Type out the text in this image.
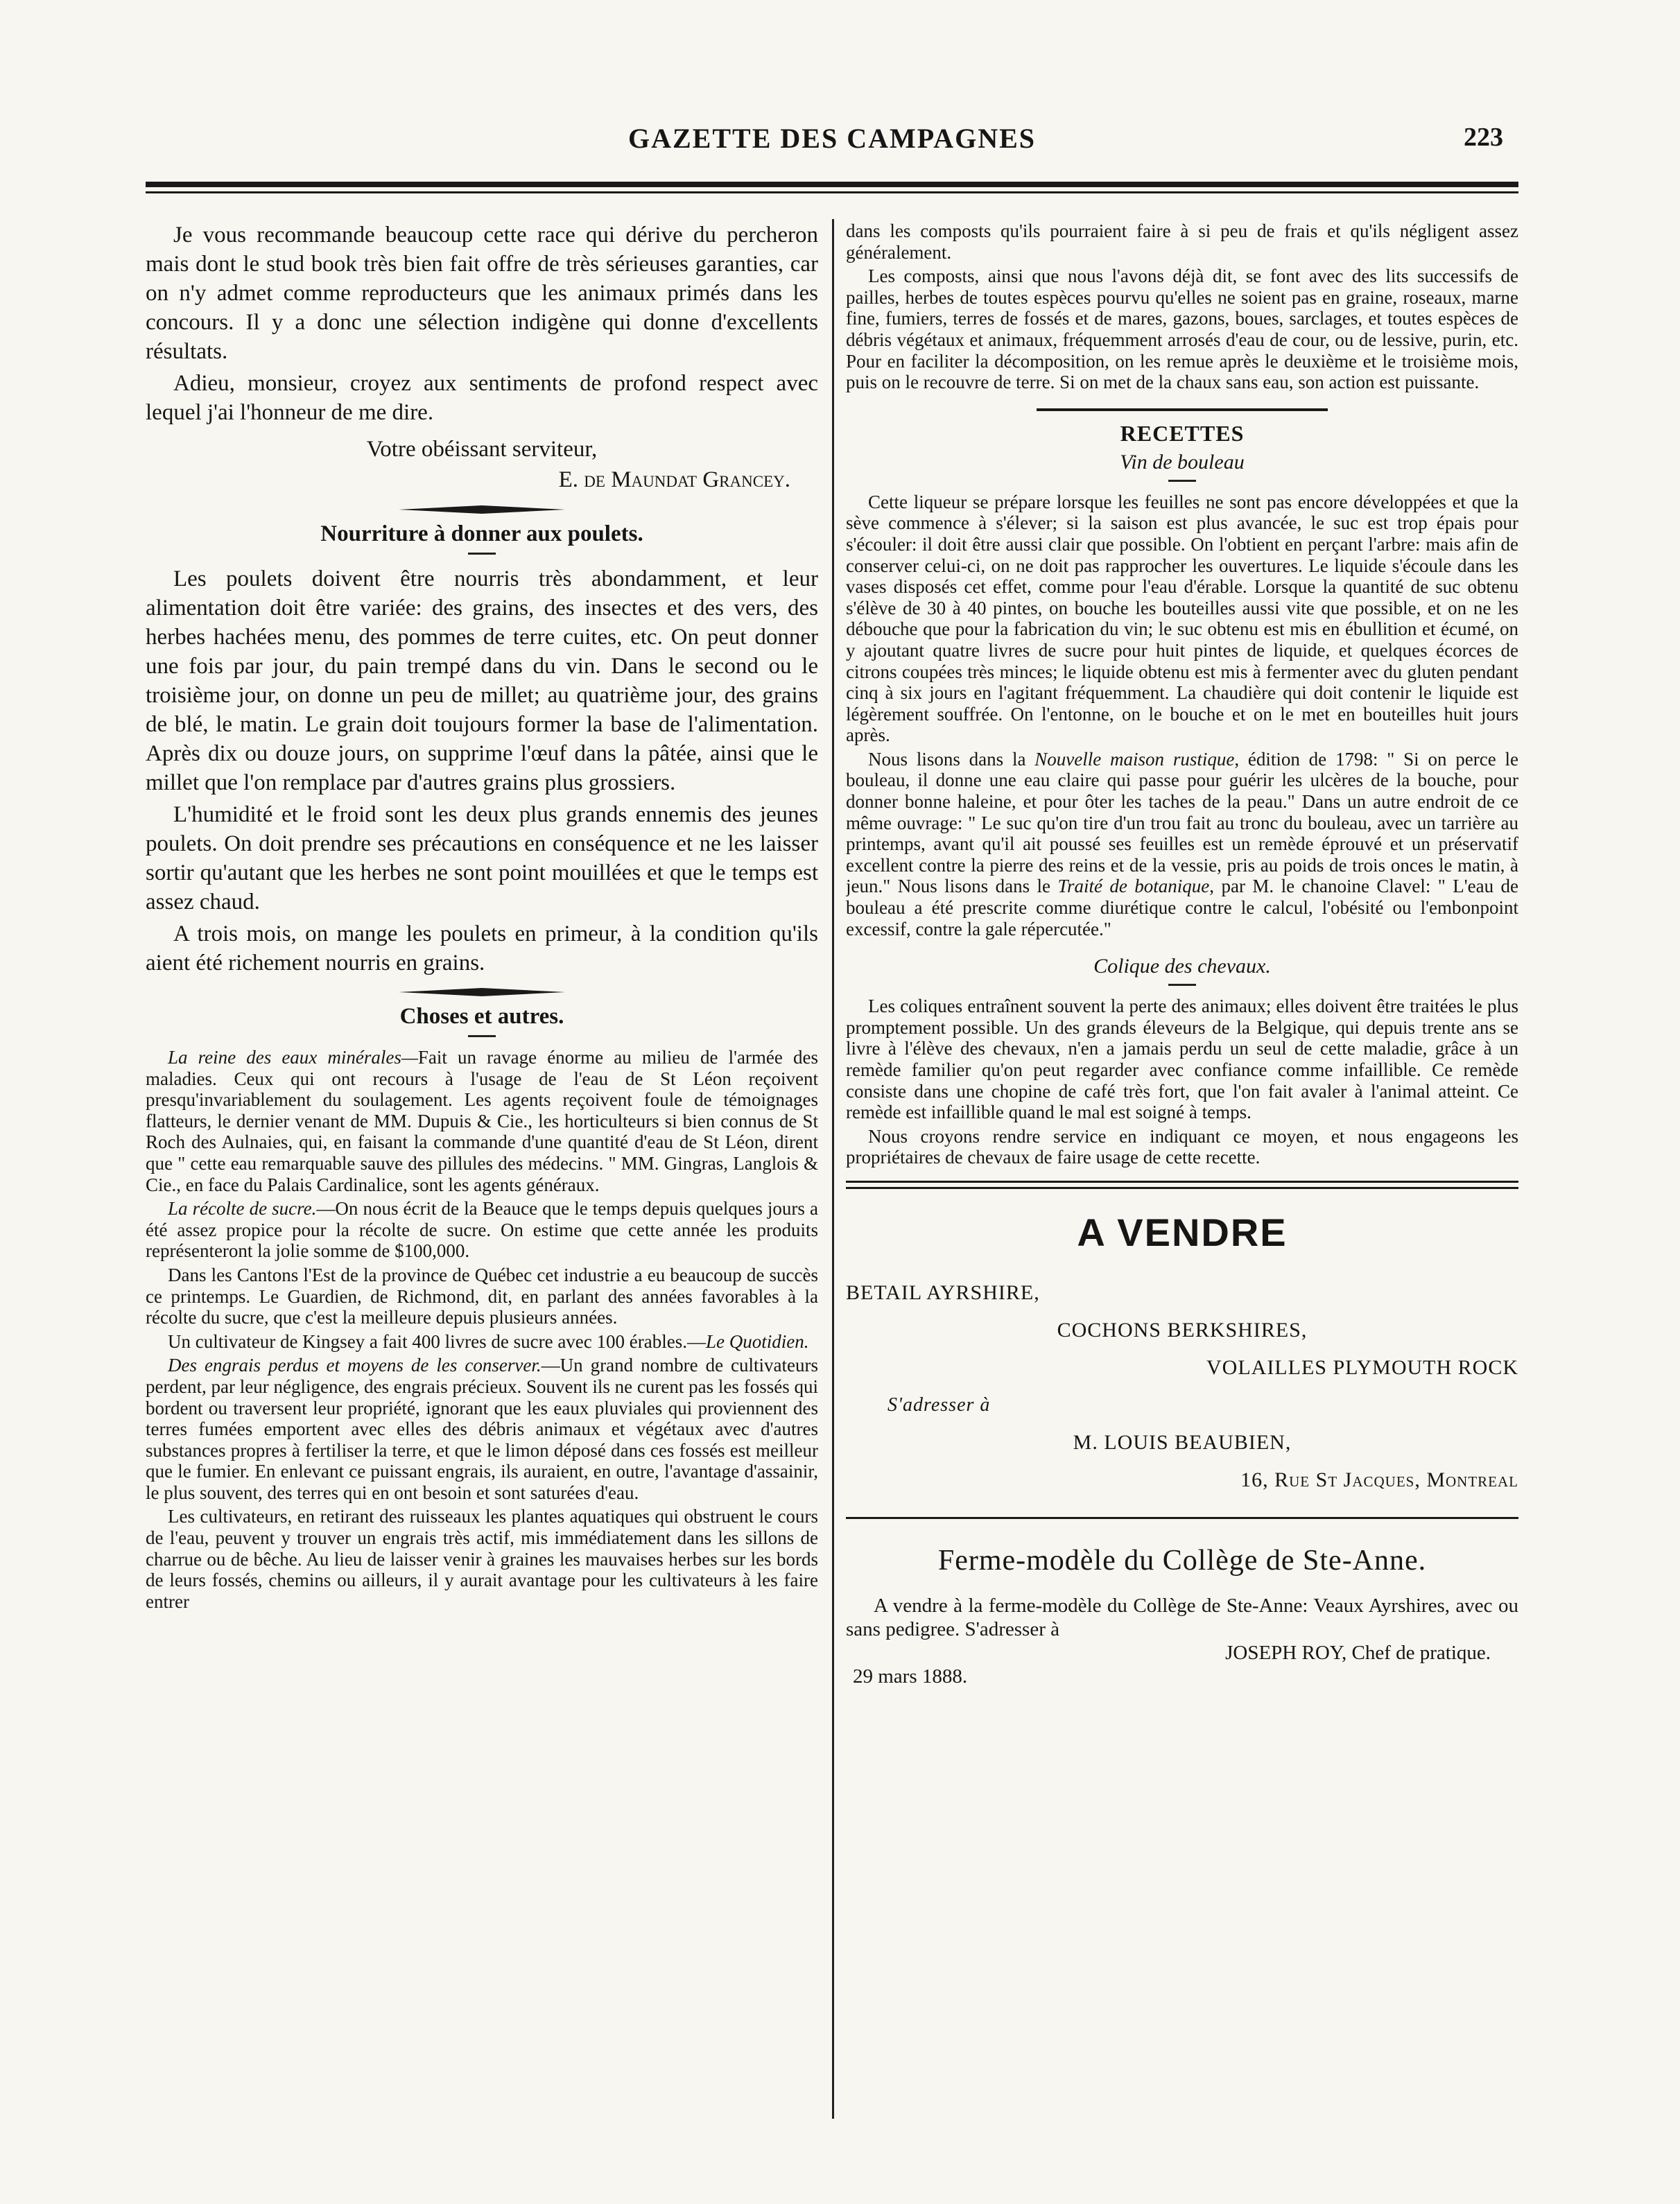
GAZETTE DES CAMPAGNES	223

Je vous recommande beaucoup cette race qui dérive du percheron mais dont le stud book très bien fait offre de très sérieuses garanties, car on n'y admet comme reproducteurs que les animaux primés dans les concours. Il y a donc une sélection indigène qui donne d'excellents résultats.

Adieu, monsieur, croyez aux sentiments de profond respect avec lequel j'ai l'honneur de me dire.

Votre obéissant serviteur,
E. de Maundat Grancey.
Nourriture à donner aux poulets.

Les poulets doivent être nourris très abondamment, et leur alimentation doit être variée: des grains, des insectes et des vers, des herbes hachées menu, des pommes de terre cuites, etc. On peut donner une fois par jour, du pain trempé dans du vin. Dans le second ou le troisième jour, on donne un peu de millet; au quatrième jour, des grains de blé, le matin. Le grain doit toujours former la base de l'alimentation. Après dix ou douze jours, on supprime l'œuf dans la pâtée, ainsi que le millet que l'on remplace par d'autres grains plus grossiers.

L'humidité et le froid sont les deux plus grands ennemis des jeunes poulets. On doit prendre ses précautions en conséquence et ne les laisser sortir qu'autant que les herbes ne sont point mouillées et que le temps est assez chaud.

A trois mois, on mange les poulets en primeur, à la condition qu'ils aient été richement nourris en grains.

Choses et autres.

La reine des eaux minérales—Fait un ravage énorme au milieu de l'armée des maladies. Ceux qui ont recours à l'usage de l'eau de St Léon reçoivent presqu'invariablement du soulagement. Les agents reçoivent foule de témoignages flatteurs, le dernier venant de MM. Dupuis & Cie., les horticulteurs si bien connus de St Roch des Aulnaies, qui, en faisant la commande d'une quantité d'eau de St Léon, dirent que " cette eau remarquable sauve des pillules des médecins. " MM. Gingras, Langlois & Cie., en face du Palais Cardinalice, sont les agents généraux.

La récolte de sucre.—On nous écrit de la Beauce que le temps depuis quelques jours a été assez propice pour la récolte de sucre. On estime que cette année les produits représenteront la jolie somme de $100,000.

Dans les Cantons l'Est de la province de Québec cet industrie a eu beaucoup de succès ce printemps. Le Guardien, de Richmond, dit, en parlant des années favorables à la récolte du sucre, que c'est la meilleure depuis plusieurs années.

Un cultivateur de Kingsey a fait 400 livres de sucre avec 100 érables.—Le Quotidien.

Des engrais perdus et moyens de les conserver.—Un grand nombre de cultivateurs perdent, par leur négligence, des engrais précieux. Souvent ils ne curent pas les fossés qui bordent ou traversent leur propriété, ignorant que les eaux pluviales qui proviennent des terres fumées emportent avec elles des débris animaux et végétaux avec d'autres substances propres à fertiliser la terre, et que le limon déposé dans ces fossés est meilleur que le fumier. En enlevant ce puissant engrais, ils auraient, en outre, l'avantage d'assainir, le plus souvent, des terres qui en ont besoin et sont saturées d'eau.

Les cultivateurs, en retirant des ruisseaux les plantes aquatiques qui obstruent le cours de l'eau, peuvent y trouver un engrais très actif, mis immédiatement dans les sillons de charrue ou de bêche. Au lieu de laisser venir à graines les mauvaises herbes sur les bords de leurs fossés, chemins ou ailleurs, il y aurait avantage pour les cultivateurs à les faire entrer

dans les composts qu'ils pourraient faire à si peu de frais et qu'ils négligent assez généralement.

Les composts, ainsi que nous l'avons déjà dit, se font avec des lits successifs de pailles, herbes de toutes espèces pourvu qu'elles ne soient pas en graine, roseaux, marne fine, fumiers, terres de fossés et de mares, gazons, boues, sarclages, et toutes espèces de débris végétaux et animaux, fréquemment arrosés d'eau de cour, ou de lessive, purin, etc. Pour en faciliter la décomposition, on les remue après le deuxième et le troisième mois, puis on le recouvre de terre. Si on met de la chaux sans eau, son action est puissante.

RECETTES
Vin de bouleau

Cette liqueur se prépare lorsque les feuilles ne sont pas encore développées et que la sève commence à s'élever; si la saison est plus avancée, le suc est trop épais pour s'écouler: il doit être aussi clair que possible. On l'obtient en perçant l'arbre: mais afin de conserver celui-ci, on ne doit pas rapprocher les ouvertures. Le liquide s'écoule dans les vases disposés cet effet, comme pour l'eau d'érable. Lorsque la quantité de suc obtenu s'élève de 30 à 40 pintes, on bouche les bouteilles aussi vite que possible, et on ne les débouche que pour la fabrication du vin; le suc obtenu est mis en ébullition et écumé, on y ajoutant quatre livres de sucre pour huit pintes de liquide, et quelques écorces de citrons coupées très minces; le liquide obtenu est mis à fermenter avec du gluten pendant cinq à six jours en l'agitant fréquemment. La chaudière qui doit contenir le liquide est légèrement souffrée. On l'entonne, on le bouche et on le met en bouteilles huit jours après.

Nous lisons dans la Nouvelle maison rustique, édition de 1798: " Si on perce le bouleau, il donne une eau claire qui passe pour guérir les ulcères de la bouche, pour donner bonne haleine, et pour ôter les taches de la peau." Dans un autre endroit de ce même ouvrage: " Le suc qu'on tire d'un trou fait au tronc du bouleau, avec un tarrière au printemps, avant qu'il ait poussé ses feuilles est un remède éprouvé et un préservatif excellent contre la pierre des reins et de la vessie, pris au poids de trois onces le matin, à jeun." Nous lisons dans le Traité de botanique, par M. le chanoine Clavel: " L'eau de bouleau a été prescrite comme diurétique contre le calcul, l'obésité ou l'embonpoint excessif, contre la gale répercutée."

Colique des chevaux.

Les coliques entraînent souvent la perte des animaux; elles doivent être traitées le plus promptement possible. Un des grands éleveurs de la Belgique, qui depuis trente ans se livre à l'élève des chevaux, n'en a jamais perdu un seul de cette maladie, grâce à un remède familier qu'on peut regarder avec confiance comme infaillible. Ce remède consiste dans une chopine de café très fort, que l'on fait avaler à l'animal atteint. Ce remède est infaillible quand le mal est soigné à temps.

Nous croyons rendre service en indiquant ce moyen, et nous engageons les propriétaires de chevaux de faire usage de cette recette.

A VENDRE
BETAIL AYRSHIRE,
COCHONS BERKSHIRES,
VOLAILLES PLYMOUTH ROCK
S'adresser à
M. LOUIS BEAUBIEN,
16, Rue St Jacques, Montreal
Ferme-modèle du Collège de Ste-Anne.

A vendre à la ferme-modèle du Collège de Ste-Anne: Veaux Ayrshires, avec ou sans pedigree. S'adresser à

JOSEPH ROY, Chef de pratique.

29 mars 1888.
